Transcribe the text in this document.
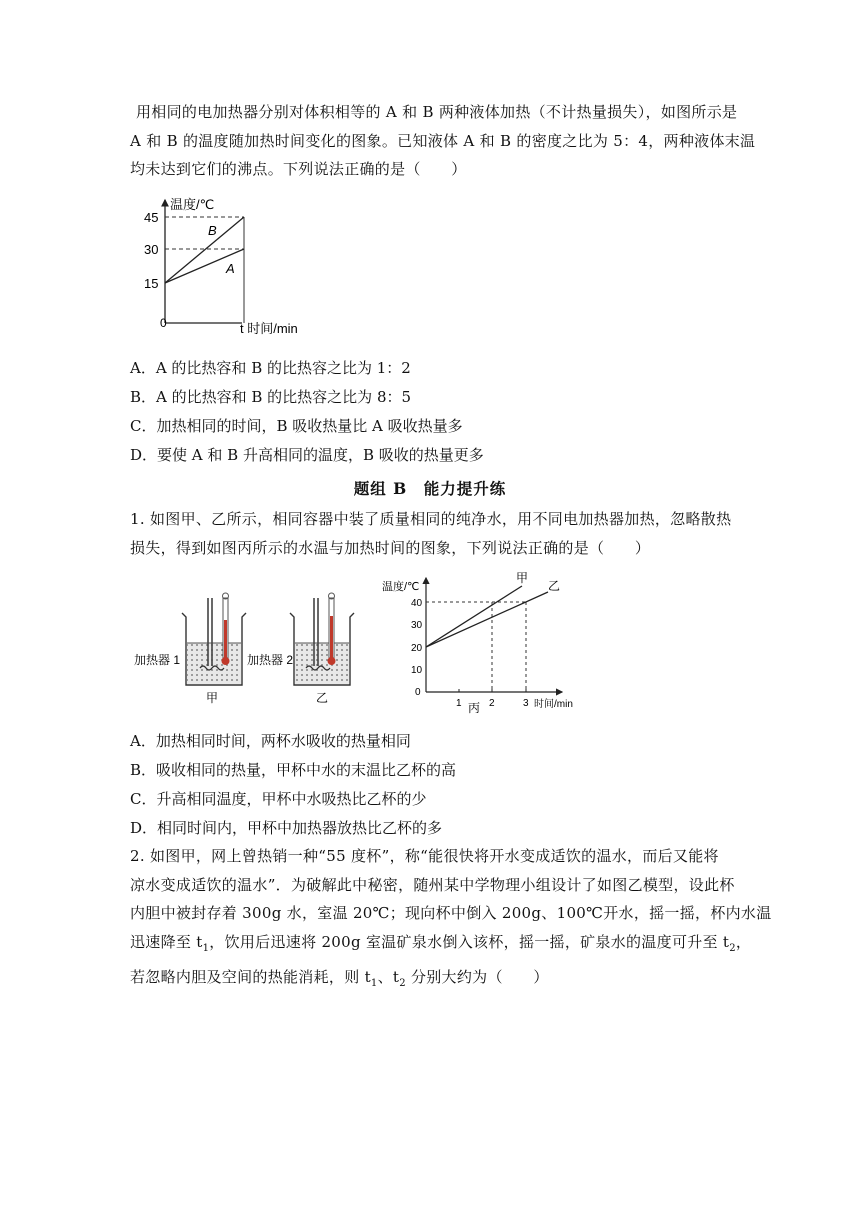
用相同的电加热器分别对体积相等的 A 和 B 两种液体加热（不计热量损失），如图所示是
A 和 B 的温度随加热时间变化的图象。已知液体 A 和 B 的密度之比为 5：4，两种液体末温
均未达到它们的沸点。下列说法正确的是（　　）
温度/℃
45
30
15
0
B
A
t 时间/min
A．A 的比热容和 B 的比热容之比为 1：2
B．A 的比热容和 B 的比热容之比为 8：5
C．加热相同的时间，B 吸收热量比 A 吸收热量多
D．要使 A 和 B 升高相同的温度，B 吸收的热量更多
题组 B　能力提升练
1. 如图甲、乙所示，相同容器中装了质量相同的纯净水，用不同电加热器加热，忽略散热
损失，得到如图丙所示的水温与加热时间的图象，下列说法正确的是（　　）
加热器 1
甲
加热器 2
乙
温度/℃
40
30
20
10
0
1	2	3 时间/min
甲
乙
丙
A．加热相同时间，两杯水吸收的热量相同
B．吸收相同的热量，甲杯中水的末温比乙杯的高
C．升高相同温度，甲杯中水吸热比乙杯的少
D．相同时间内，甲杯中加热器放热比乙杯的多
2. 如图甲，网上曾热销一种“55 度杯”，称“能很快将开水变成适饮的温水，而后又能将
凉水变成适饮的温水”．为破解此中秘密，随州某中学物理小组设计了如图乙模型，设此杯
内胆中被封存着 300g 水，室温 20℃；现向杯中倒入 200g、100℃开水，摇一摇，杯内水温
迅速降至 $t_1$，饮用后迅速将 200g 室温矿泉水倒入该杯，摇一摇，矿泉水的温度可升至 $t_2$，
若忽略内胆及空间的热能消耗，则 $t_1$、$t_2$ 分别大约为（　　）
